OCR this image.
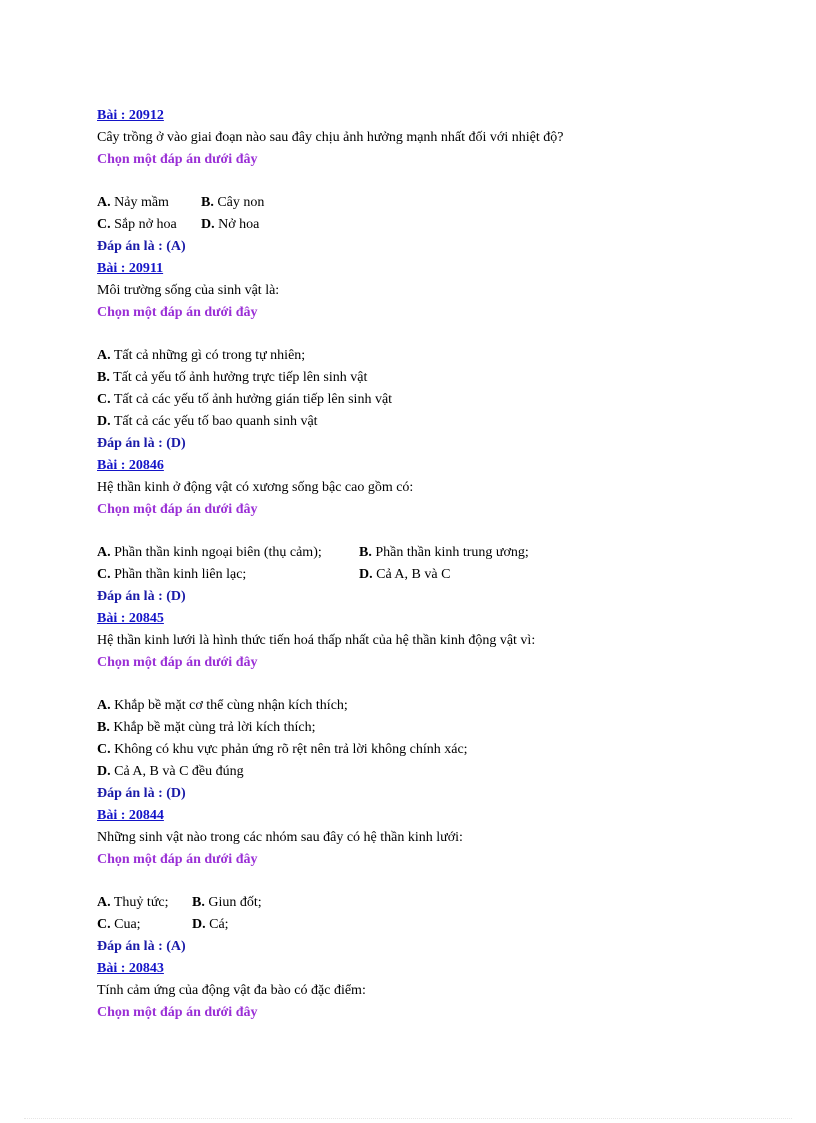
Bài : 20912
Cây trồng ở vào giai đoạn nào sau đây chịu ảnh hưởng mạnh nhất đối với nhiệt độ?
Chọn một đáp án dưới đây
A. Nảy mầm	B. Cây non
C. Sắp nở hoa	D. Nở hoa
Đáp án là : (A)
Bài : 20911
Môi trường sống của sinh vật là:
Chọn một đáp án dưới đây
A. Tất cả những gì có trong tự nhiên;
B. Tất cả yếu tố ảnh hưởng trực tiếp lên sinh vật
C. Tất cả các yếu tố ảnh hưởng gián tiếp lên sinh vật
D. Tất cả các yếu tố bao quanh sinh vật
Đáp án là : (D)
Bài : 20846
Hệ thần kinh ở động vật có xương sống bậc cao gồm có:
Chọn một đáp án dưới đây
A. Phần thần kinh ngoại biên (thụ cảm);	B. Phần thần kinh trung ương;
C. Phần thần kinh liên lạc;	D. Cả A, B và C
Đáp án là : (D)
Bài : 20845
Hệ thần kinh lưới là hình thức tiến hoá thấp nhất của hệ thần kinh động vật vì:
Chọn một đáp án dưới đây
A. Khắp bề mặt cơ thể cùng nhận kích thích;
B. Khắp bề mặt cùng trả lời kích thích;
C. Không có khu vực phản ứng rõ rệt nên trả lời không chính xác;
D. Cả A, B và C đều đúng
Đáp án là : (D)
Bài : 20844
Những sinh vật nào trong các nhóm sau đây có hệ thần kinh lưới:
Chọn một đáp án dưới đây
A. Thuỷ tức;	B. Giun đốt;
C. Cua;	D. Cá;
Đáp án là : (A)
Bài : 20843
Tính cảm ứng của động vật đa bào có đặc điểm:
Chọn một đáp án dưới đây
